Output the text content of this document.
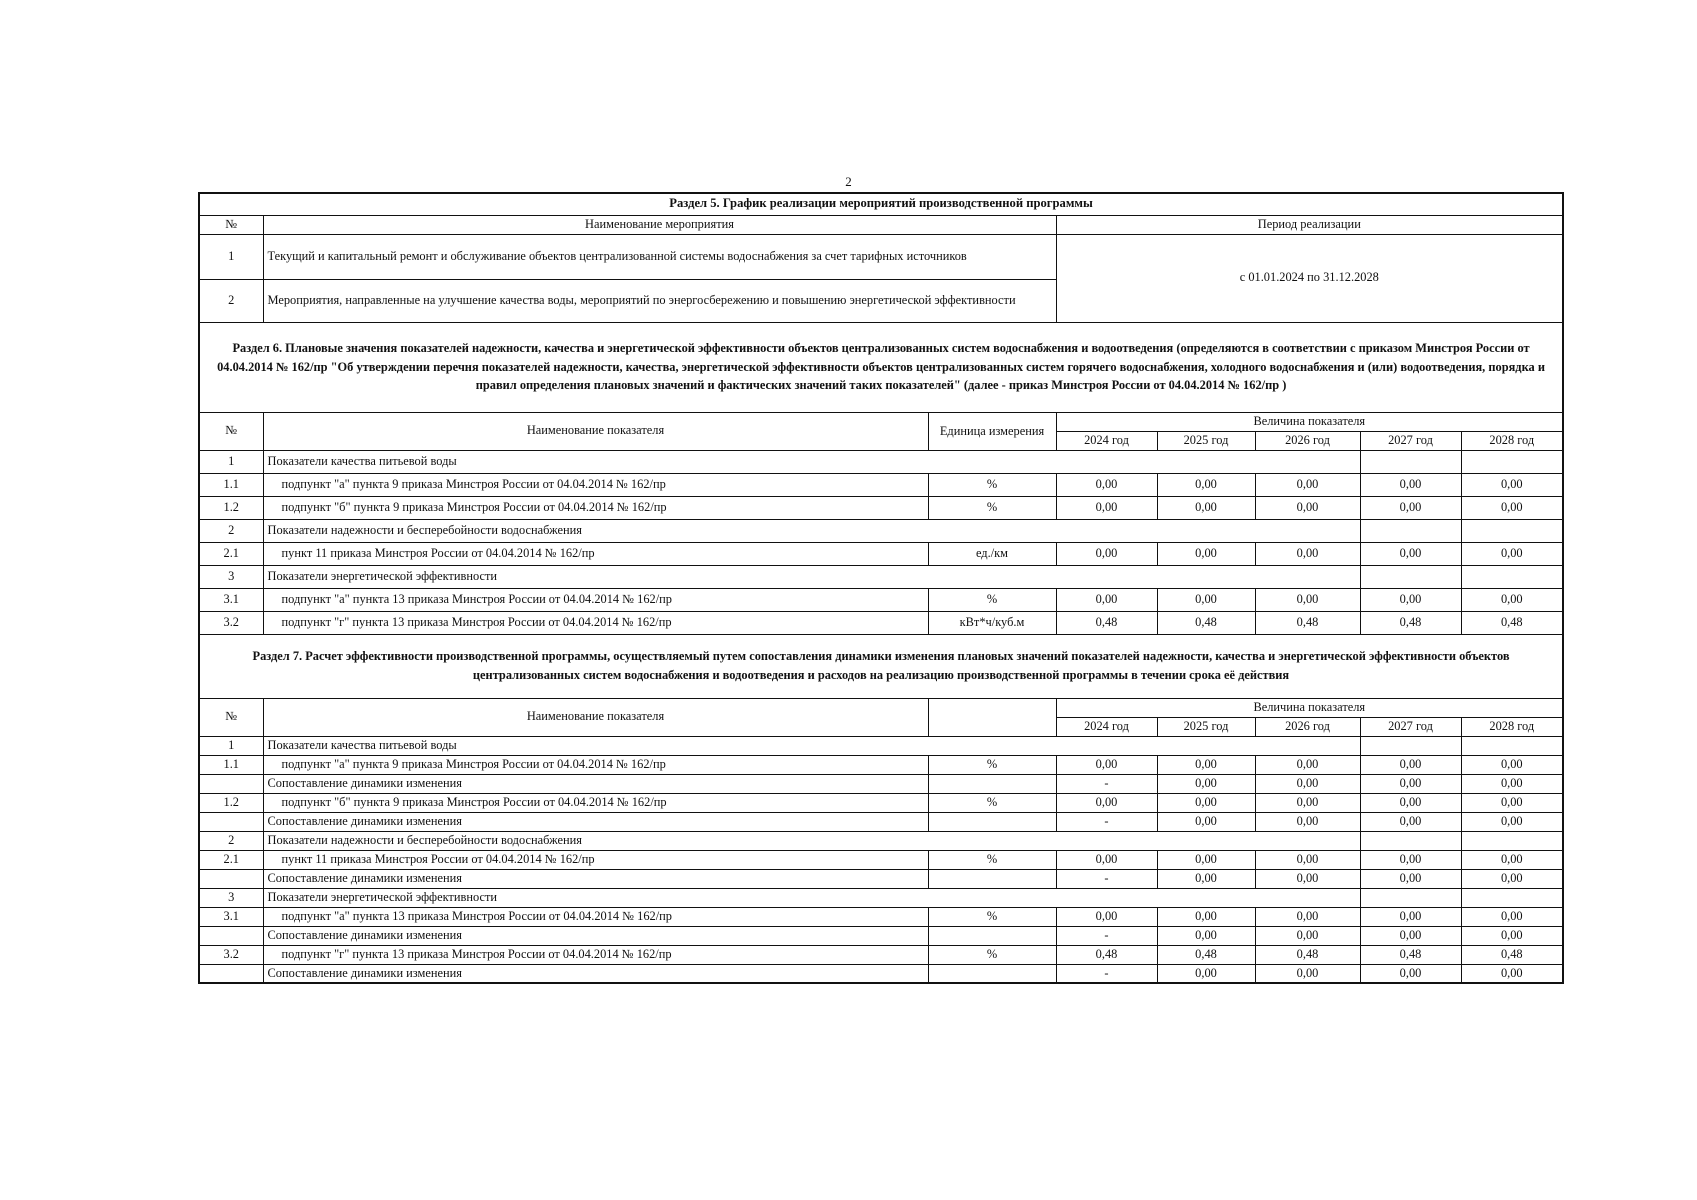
2
Раздел 5. График реализации мероприятий производственной программы							
№	Наименование мероприятия		Период реализации				
1	Текущий и капитальный ремонт и обслуживание объектов централизованной системы водоснабжения за счет тарифных источников		с 01.01.2024 по 31.12.2028				
2	Мероприятия, направленные на улучшение качества воды, мероприятий по энергосбережению и повышению энергетической эффективности						
Раздел 6. Плановые значения показателей надежности, качества и энергетической эффективности объектов централизованных систем водоснабжения и водоотведения (определяются в соответствии с приказом Минстроя России от 04.04.2014 № 162/пр "Об утверждении перечня показателей надежности, качества, энергетической эффективности объектов централизованных систем горячего водоснабжения, холодного водоснабжения и (или) водоотведения, порядка и правил определения плановых значений и фактических значений таких показателей" (далее - приказ Минстроя России от 04.04.2014 № 162/пр )							
№	Наименование показателя	Единица измерения	Величина показателя				
			2024 год	2025 год	2026 год	2027 год	2028 год
1	Показатели качества питьевой воды						
1.1	подпункт "а" пункта 9 приказа Минстроя России от 04.04.2014 № 162/пр	%	0,00	0,00	0,00	0,00	0,00
1.2	подпункт "б" пункта 9 приказа Минстроя России от 04.04.2014 № 162/пр	%	0,00	0,00	0,00	0,00	0,00
2	Показатели надежности и бесперебойности водоснабжения						
2.1	пункт 11 приказа Минстроя России от 04.04.2014 № 162/пр	ед./км	0,00	0,00	0,00	0,00	0,00
3	Показатели энергетической эффективности						
3.1	подпункт "а" пункта 13 приказа Минстроя России от 04.04.2014 № 162/пр	%	0,00	0,00	0,00	0,00	0,00
3.2	подпункт "г" пункта 13 приказа Минстроя России от 04.04.2014 № 162/пр	кВт*ч/куб.м	0,48	0,48	0,48	0,48	0,48
Раздел 7. Расчет эффективности производственной программы, осуществляемый путем сопоставления динамики изменения плановых значений показателей надежности, качества и энергетической эффективности объектов централизованных систем водоснабжения и водоотведения и расходов на реализацию производственной программы в течении срока её действия							
№	Наименование показателя		Величина показателя				
			2024 год	2025 год	2026 год	2027 год	2028 год
1	Показатели качества питьевой воды						
1.1	подпункт "а" пункта 9 приказа Минстроя России от 04.04.2014 № 162/пр	%	0,00	0,00	0,00	0,00	0,00
	Сопоставление динамики изменения		-	0,00	0,00	0,00	0,00
1.2	подпункт "б" пункта 9 приказа Минстроя России от 04.04.2014 № 162/пр	%	0,00	0,00	0,00	0,00	0,00
	Сопоставление динамики изменения		-	0,00	0,00	0,00	0,00
2	Показатели надежности и бесперебойности водоснабжения						
2.1	пункт 11 приказа Минстроя России от 04.04.2014 № 162/пр	%	0,00	0,00	0,00	0,00	0,00
	Сопоставление динамики изменения		-	0,00	0,00	0,00	0,00
3	Показатели энергетической эффективности						
3.1	подпункт "а" пункта 13 приказа Минстроя России от 04.04.2014 № 162/пр	%	0,00	0,00	0,00	0,00	0,00
	Сопоставление динамики изменения		-	0,00	0,00	0,00	0,00
3.2	подпункт "г" пункта 13 приказа Минстроя России от 04.04.2014 № 162/пр	%	0,48	0,48	0,48	0,48	0,48
	Сопоставление динамики изменения		-	0,00	0,00	0,00	0,00
